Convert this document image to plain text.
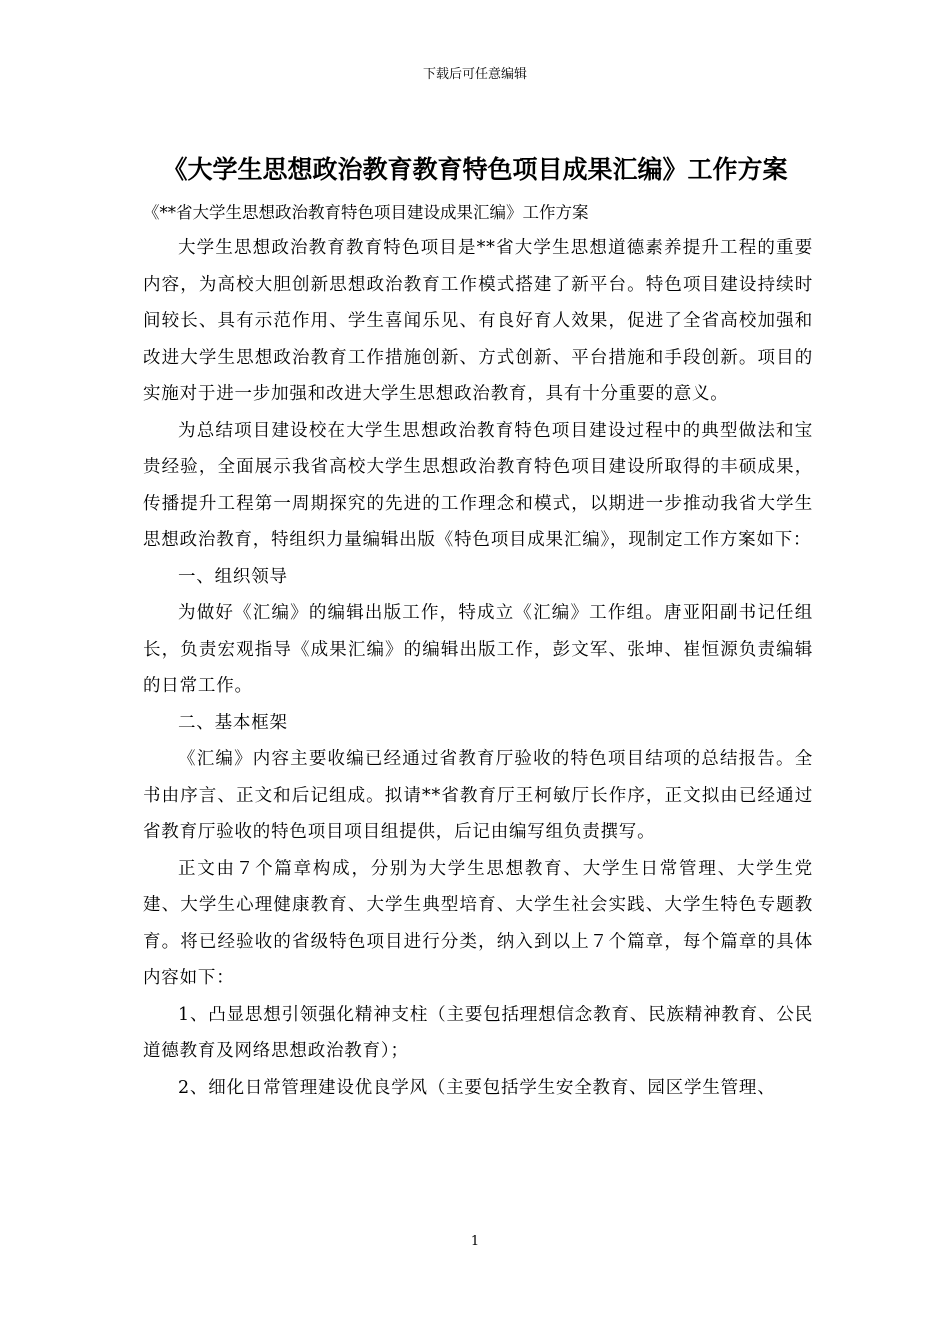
下载后可任意编辑
《大学生思想政治教育教育特色项目成果汇编》工作方案

《**省大学生思想政治教育特色项目建设成果汇编》工作方案

大学生思想政治教育教育特色项目是**省大学生思想道德素养提升工程的重要内容，为高校大胆创新思想政治教育工作模式搭建了新平台。特色项目建设持续时间较长、具有示范作用、学生喜闻乐见、有良好育人效果，促进了全省高校加强和改进大学生思想政治教育工作措施创新、方式创新、平台措施和手段创新。项目的实施对于进一步加强和改进大学生思想政治教育，具有十分重要的意义。

为总结项目建设校在大学生思想政治教育特色项目建设过程中的典型做法和宝贵经验，全面展示我省高校大学生思想政治教育特色项目建设所取得的丰硕成果，传播提升工程第一周期探究的先进的工作理念和模式，以期进一步推动我省大学生思想政治教育，特组织力量编辑出版《特色项目成果汇编》，现制定工作方案如下：

一、组织领导

为做好《汇编》的编辑出版工作，特成立《汇编》工作组。唐亚阳副书记任组长，负责宏观指导《成果汇编》的编辑出版工作，彭文军、张坤、崔恒源负责编辑的日常工作。

二、基本框架

《汇编》内容主要收编已经通过省教育厅验收的特色项目结项的总结报告。全书由序言、正文和后记组成。拟请**省教育厅王柯敏厅长作序，正文拟由已经通过省教育厅验收的特色项目项目组提供，后记由编写组负责撰写。

正文由７个篇章构成，分别为大学生思想教育、大学生日常管理、大学生党建、大学生心理健康教育、大学生典型培育、大学生社会实践、大学生特色专题教育。将已经验收的省级特色项目进行分类，纳入到以上７个篇章，每个篇章的具体内容如下：

1、凸显思想引领强化精神支柱（主要包括理想信念教育、民族精神教育、公民道德教育及网络思想政治教育）；

2、细化日常管理建设优良学风（主要包括学生安全教育、园区学生管理、

1
